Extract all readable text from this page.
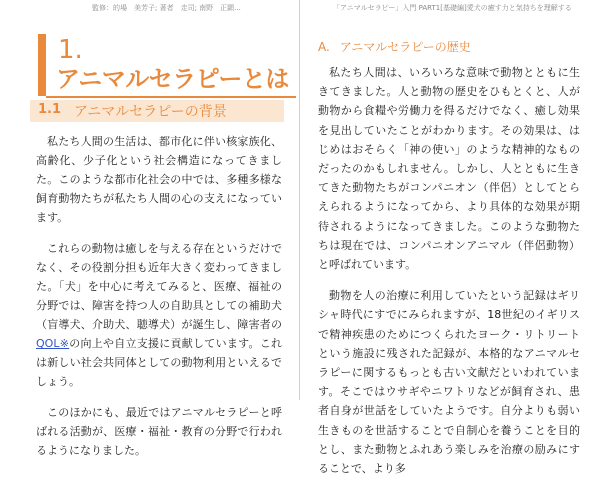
監修：的場　美芳子; 著者　走司; 南野　正顕...	「アニマルセラピー」入門 PART1[基礎編]愛犬の癒す力と気持ちを理解する
1.
アニマルセラピーとは
1.1 アニマルセラピーの背景

私たち人間の生活は、都市化に伴い核家族化、高齢化、少子化という社会構造になってきました。このような都市化社会の中では、多種多様な飼育動物たちが私たち人間の心の支えになっています。

これらの動物は癒しを与える存在というだけでなく、その役割分担も近年大きく変わってきました。「犬」を中心に考えてみると、医療、福祉の分野では、障害を持つ人の自助具としての補助犬（盲導犬、介助犬、聴導犬）が誕生し、障害者のQOL※の向上や自立支援に貢献しています。これは新しい社会共同体としての動物利用といえるでしょう。

このほかにも、最近ではアニマルセラピーと呼ばれる活動が、医療・福祉・教育の分野で行われるようになりました。

A. アニマルセラピーの歴史

私たち人間は、いろいろな意味で動物とともに生きてきました。人と動物の歴史をひもとくと、人が動物から食糧や労働力を得るだけでなく、癒し効果を見出していたことがわかります。その効果は、はじめはおそらく「神の使い」のような精神的なものだったのかもしれません。しかし、人とともに生きてきた動物たちがコンパニオン（伴侶）としてとらえられるようになってから、より具体的な効果が期待されるようになってきました。このような動物たちは現在では、コンパニオンアニマル（伴侶動物）と呼ばれています。

動物を人の治療に利用していたという記録はギリシャ時代にすでにみられますが、18世紀のイギリスで精神疾患のためにつくられたヨーク・リトリートという施設に残された記録が、本格的なアニマルセラピーに関するもっとも古い文献だといわれています。そこではウサギやニワトリなどが飼育され、患者自身が世話をしていたようです。自分よりも弱い生きものを世話することで自制心を養うことを目的とし、また動物とふれあう楽しみを治療の励みにすることで、より多
